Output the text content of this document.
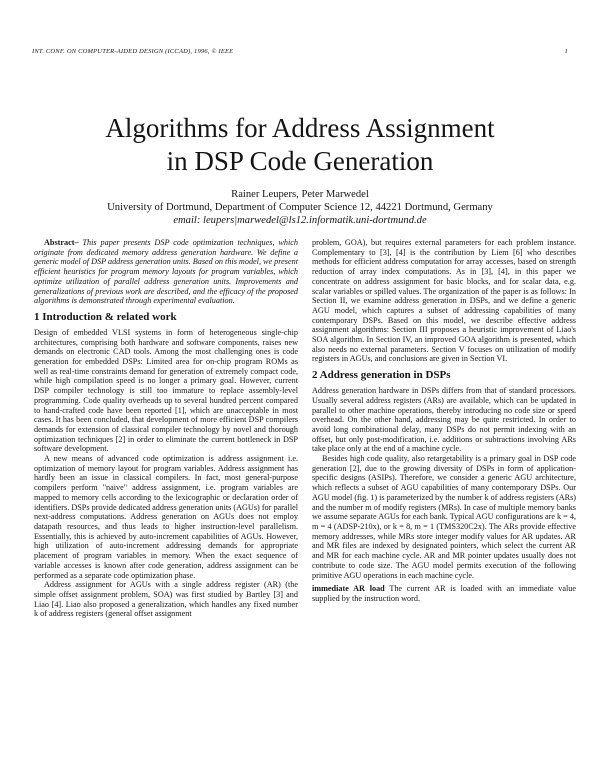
INT. CONF. ON COMPUTER-AIDED DESIGN (ICCAD), 1996, © IEEE	1
Algorithms for Address Assignment
in DSP Code Generation
Rainer Leupers, Peter Marwedel
University of Dortmund, Department of Computer Science 12, 44221 Dortmund, Germany
email: leupers|marwedel@ls12.informatik.uni-dortmund.de

Abstract– This paper presents DSP code optimization techniques, which originate from dedicated memory address generation hardware. We define a generic model of DSP address generation units. Based on this model, we present efficient heuristics for program memory layouts for program variables, which optimize utilization of parallel address generation units. Improvements and generalizations of previous work are described, and the efficacy of the proposed algorithms is demonstrated through experimental evaluation.

1 Introduction & related work

Design of embedded VLSI systems in form of heterogeneous single-chip architectures, comprising both hardware and software components, raises new demands on electronic CAD tools. Among the most challenging ones is code generation for embedded DSPs: Limited area for on-chip program ROMs as well as real-time constraints demand for generation of extremely compact code, while high compilation speed is no longer a primary goal. However, current DSP compiler technology is still too immature to replace assembly-level programming. Code quality overheads up to several hundred percent compared to hand-crafted code have been reported [1], which are unacceptable in most cases. It has been concluded, that development of more efficient DSP compilers demands for extension of classical compiler technology by novel and thorough optimization techniques [2] in order to eliminate the current bottleneck in DSP software development.

A new means of advanced code optimization is address assignment i.e. optimization of memory layout for program variables. Address assignment has hardly been an issue in classical compilers. In fact, most general-purpose compilers perform "naive" address assignment, i.e. program variables are mapped to memory cells according to the lexicographic or declaration order of identifiers. DSPs provide dedicated address generation units (AGUs) for parallel next-address computations. Address generation on AGUs does not employ datapath resources, and thus leads to higher instruction-level parallelism. Essentially, this is achieved by auto-increment capabilities of AGUs. However, high utilization of auto-increment addressing demands for appropriate placement of program variables in memory. When the exact sequence of variable accesses is known after code generation, address assignment can be performed as a separate code optimization phase.

Address assignment for AGUs with a single address register (AR) (the simple offset assignment problem, SOA) was first studied by Bartley [3] and Liao [4]. Liao also proposed a generalization, which handles any fixed number k of address registers (general offset assignment

problem, GOA), but requires external parameters for each problem instance. Complementary to [3], [4] is the contribution by Liem [6] who describes methods for efficient address computation for array accesses, based on strength reduction of array index computations. As in [3], [4], in this paper we concentrate on address assignment for basic blocks, and for scalar data, e.g. scalar variables or spilled values. The organization of the paper is as follows: In Section II, we examine address generation in DSPs, and we define a generic AGU model, which captures a subset of addressing capabilities of many contemporary DSPs. Based on this model, we describe effective address assignment algorithms: Section III proposes a heuristic improvement of Liao's SOA algorithm. In Section IV, an improved GOA algorithm is presented, which also needs no external parameters. Section V focuses on utilization of modify registers in AGUs, and conclusions are given in Section VI.

2 Address generation in DSPs

Address generation hardware in DSPs differs from that of standard processors. Usually several address registers (ARs) are available, which can be updated in parallel to other machine operations, thereby introducing no code size or speed overhead. On the other hand, addressing may be quite restricted. In order to avoid long combinational delay, many DSPs do not permit indexing with an offset, but only post-modification, i.e. additions or subtractions involving ARs take place only at the end of a machine cycle.

Besides high code quality, also retargetability is a primary goal in DSP code generation [2], due to the growing diversity of DSPs in form of application-specific designs (ASIPs). Therefore, we consider a generic AGU architecture, which reflects a subset of AGU capabilities of many contemporary DSPs. Our AGU model (fig. 1) is parameterized by the number k of address registers (ARs) and the number m of modify registers (MRs). In case of multiple memory banks we assume separate AGUs for each bank. Typical AGU configurations are k = 4, m = 4 (ADSP-210x), or k = 8, m = 1 (TMS320C2x). The ARs provide effective memory addresses, while MRs store integer modify values for AR updates. AR and MR files are indexed by designated pointers, which select the current AR and MR for each machine cycle. AR and MR pointer updates usually does not contribute to code size. The AGU model permits execution of the following primitive AGU operations in each machine cycle.

immediate AR load The current AR is loaded with an immediate value supplied by the instruction word.
